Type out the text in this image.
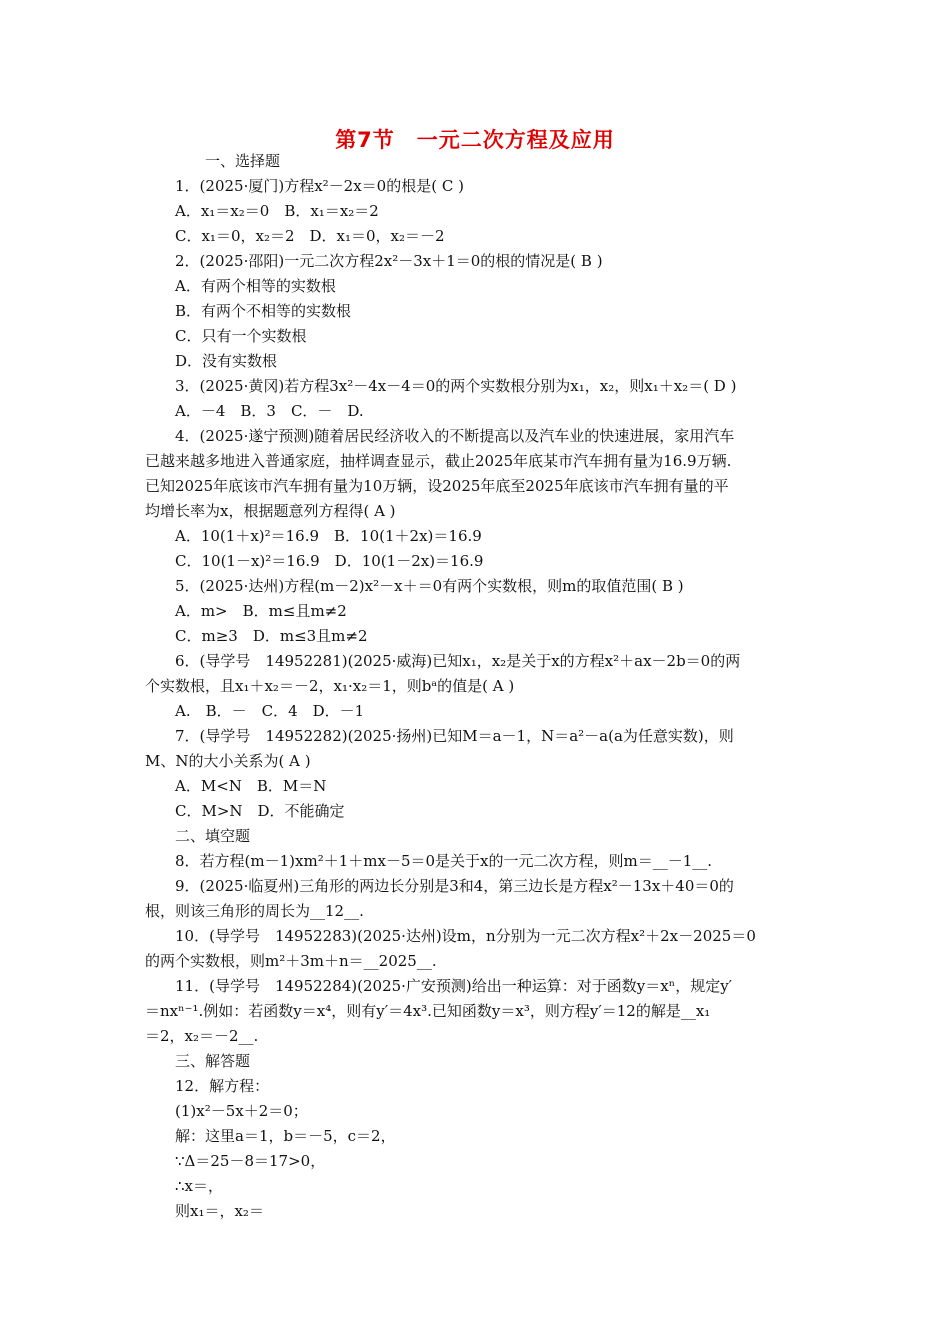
第7节　一元二次方程及应用
一、选择题
1．(2025·厦门)方程x²－2x＝0的根是( C )
A．x₁＝x₂＝0　B．x₁＝x₂＝2
C．x₁＝0，x₂＝2　D．x₁＝0，x₂＝－2
2．(2025·邵阳)一元二次方程2x²－3x＋1＝0的根的情况是( B )
A．有两个相等的实数根
B．有两个不相等的实数根
C．只有一个实数根
D．没有实数根
3．(2025·黄冈)若方程3x²－4x－4＝0的两个实数根分别为x₁，x₂，则x₁＋x₂＝( D )
A．－4　B．3　C．－　D.
4．(2025·遂宁预测)随着居民经济收入的不断提高以及汽车业的快速进展，家用汽车
已越来越多地进入普通家庭，抽样调查显示，截止2025年底某市汽车拥有量为16.9万辆.
已知2025年底该市汽车拥有量为10万辆，设2025年底至2025年底该市汽车拥有量的平
均增长率为x，根据题意列方程得( A )
A．10(1＋x)²＝16.9　B．10(1＋2x)＝16.9
C．10(1－x)²＝16.9　D．10(1－2x)＝16.9
5．(2025·达州)方程(m－2)x²－x＋＝0有两个实数根，则m的取值范围( B )
A．m>　B．m≤且m≠2
C．m≥3　D．m≤3且m≠2
6．(导学号　14952281)(2025·威海)已知x₁，x₂是关于x的方程x²＋ax－2b＝0的两
个实数根，且x₁＋x₂＝－2，x₁·x₂＝1，则bᵃ的值是( A )
A.　B．－　C．4　D．－1
7．(导学号　14952282)(2025·扬州)已知M＝a－1，N＝a²－a(a为任意实数)，则
M、N的大小关系为( A )
A．M<N　B．M＝N
C．M>N　D．不能确定
二、填空题
8．若方程(m－1)xm²＋1＋mx－5＝0是关于x的一元二次方程，则m＝__－1__.
9．(2025·临夏州)三角形的两边长分别是3和4，第三边长是方程x²－13x＋40＝0的
根，则该三角形的周长为__12__.
10．(导学号　14952283)(2025·达州)设m，n分别为一元二次方程x²＋2x－2025＝0
的两个实数根，则m²＋3m＋n＝__2025__.
11．(导学号　14952284)(2025·广安预测)给出一种运算：对于函数y＝xⁿ，规定y′
＝nxⁿ⁻¹.例如：若函数y＝x⁴，则有y′＝4x³.已知函数y＝x³，则方程y′＝12的解是__x₁
＝2，x₂＝－2__.
三、解答题
12．解方程：
(1)x²－5x＋2＝0；
解：这里a＝1，b＝－5，c＝2，
∵Δ＝25－8＝17>0，
∴x＝，
则x₁＝，x₂＝
